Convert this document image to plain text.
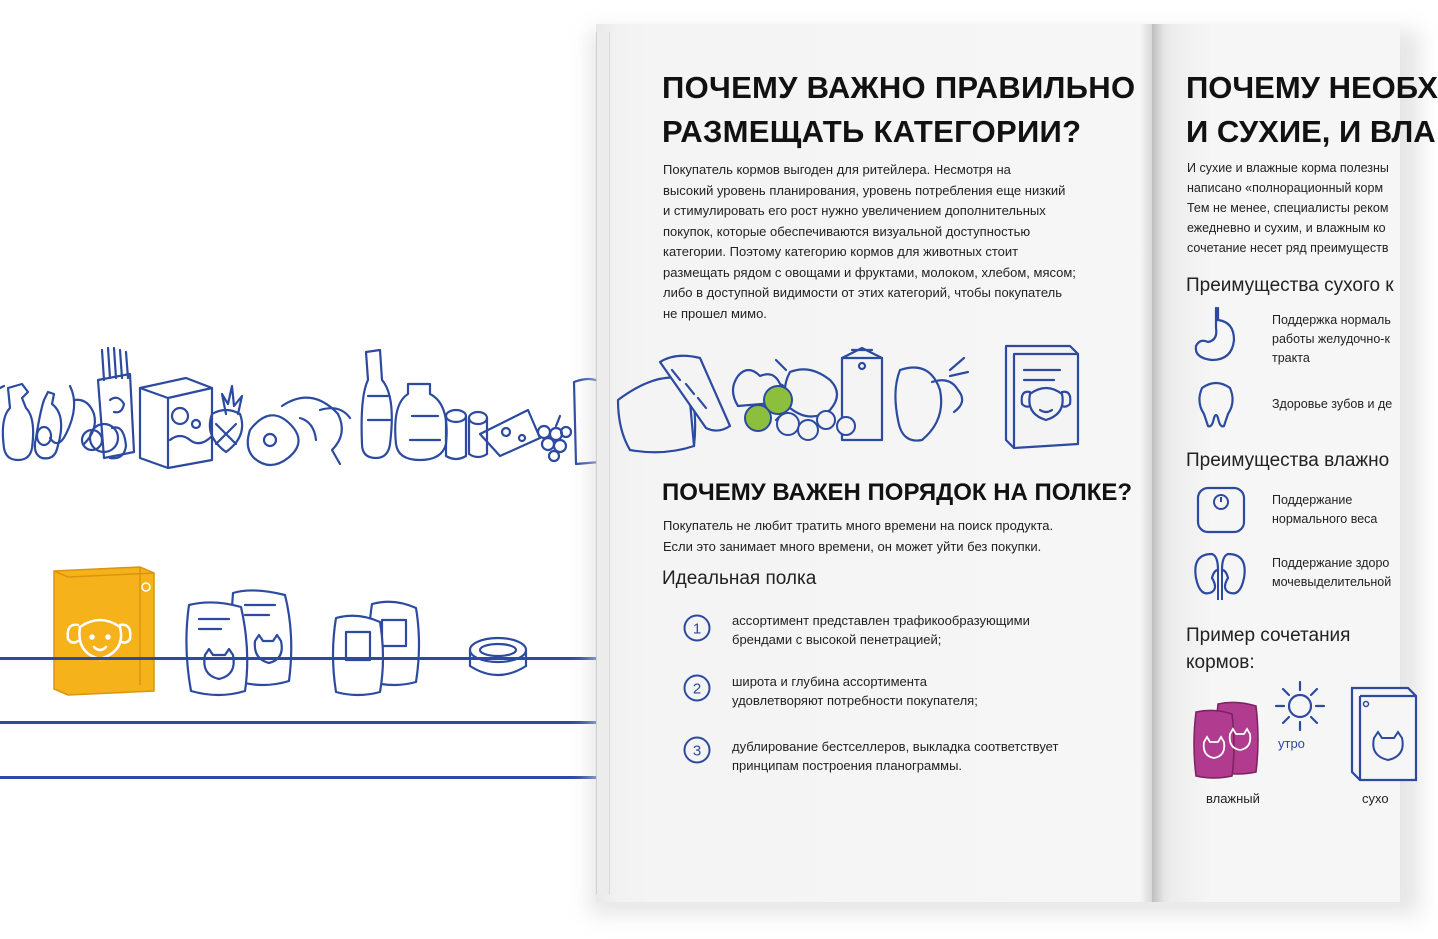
ПОЧЕМУ ВАЖНО ПРАВИЛЬНО
РАЗМЕЩАТЬ КАТЕГОРИИ?
Покупатель кормов выгоден для ритейлера. Несмотря на
высокий уровень планирования, уровень потребления еще низкий
и стимулировать его рост нужно увеличением дополнительных
покупок, которые обеспечиваются визуальной доступностью
категории. Поэтому категорию кормов для животных стоит
размещать рядом с овощами и фруктами, молоком, хлебом, мясом;
либо в доступной видимости от этих категорий, чтобы покупатель
не прошел мимо.
ПОЧЕМУ ВАЖЕН ПОРЯДОК НА ПОЛКЕ?
Покупатель не любит тратить много времени на поиск продукта.
Если это занимает много времени, он может уйти без покупки.
Идеальная полка
1 ассортимент представлен трафикообразующими
брендами с высокой пенетрацией;
2 широта и глубина ассортимента
удовлетворяют потребности покупателя;
3 дублирование бестселлеров, выкладка соответствует
принципам построения планограммы.
ПОЧЕМУ НЕОБХ
И СУХИЕ, И ВЛА
И сухие и влажные корма полезны
написано «полнорационный корм
Тем не менее, специалисты реком
ежедневно и сухим, и влажным ко
сочетание несет ряд преимуществ
Преимущества сухого к
Поддержка нормаль
работы желудочно-к
тракта
Здоровье зубов и де
Преимущества влажно
Поддержание
нормального веса
Поддержание здоро
мочевыделительной
Пример сочетания
кормов:
утро
влажный	сухо
